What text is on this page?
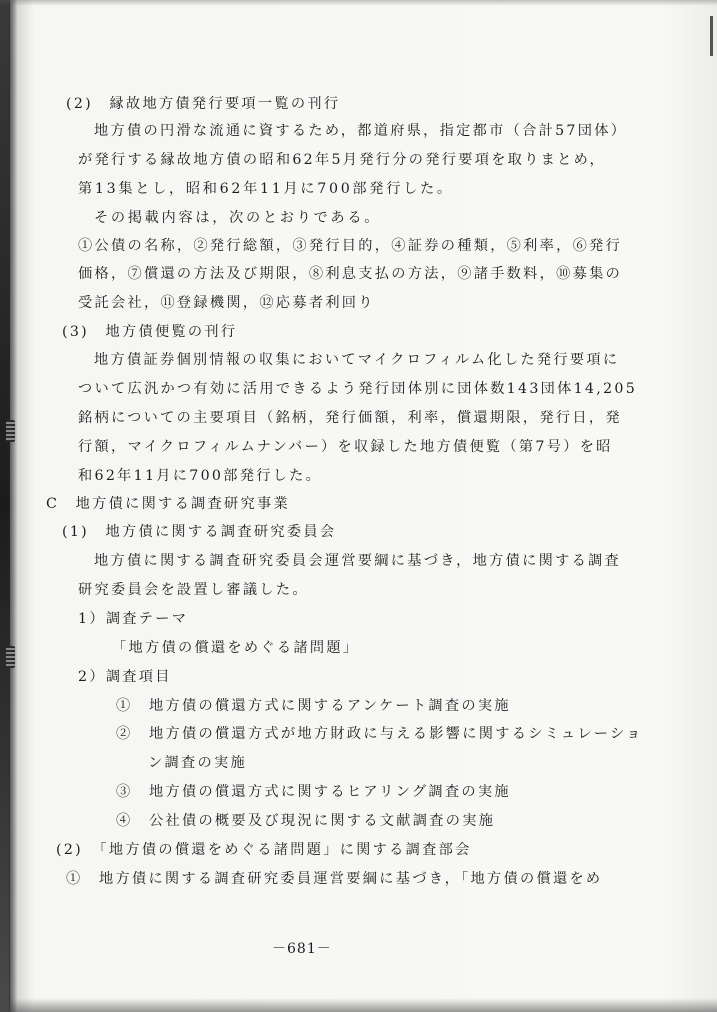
(2)　縁故地方債発行要項一覧の刊行
地方債の円滑な流通に資するため，都道府県，指定都市（合計57団体）
が発行する縁故地方債の昭和62年5月発行分の発行要項を取りまとめ，
第13集とし，昭和62年11月に700部発行した。
その掲載内容は，次のとおりである。
①公債の名称，②発行総額，③発行目的，④証券の種類，⑤利率，⑥発行
価格，⑦償還の方法及び期限，⑧利息支払の方法，⑨諸手数料，⑩募集の
受託会社，⑪登録機関，⑫応募者利回り
(3)　地方債便覧の刊行
地方債証券個別情報の収集においてマイクロフィルム化した発行要項に
ついて広汎かつ有効に活用できるよう発行団体別に団体数143団体14,205
銘柄についての主要項目（銘柄，発行価額，利率，償還期限，発行日，発
行額，マイクロフィルムナンバー）を収録した地方債便覧（第7号）を昭
和62年11月に700部発行した。
C　地方債に関する調査研究事業
(1)　地方債に関する調査研究委員会
地方債に関する調査研究委員会運営要綱に基づき，地方債に関する調査
研究委員会を設置し審議した。
1）調査テーマ
「地方債の償還をめぐる諸問題」
2）調査項目
①　地方債の償還方式に関するアンケート調査の実施
②　地方債の償還方式が地方財政に与える影響に関するシミュレーショ
ン調査の実施
③　地方債の償還方式に関するヒアリング調査の実施
④　公社債の概要及び現況に関する文献調査の実施
(2)　「地方債の償還をめぐる諸問題」に関する調査部会
①　地方債に関する調査研究委員運営要綱に基づき，「地方債の償還をめ
－681－
